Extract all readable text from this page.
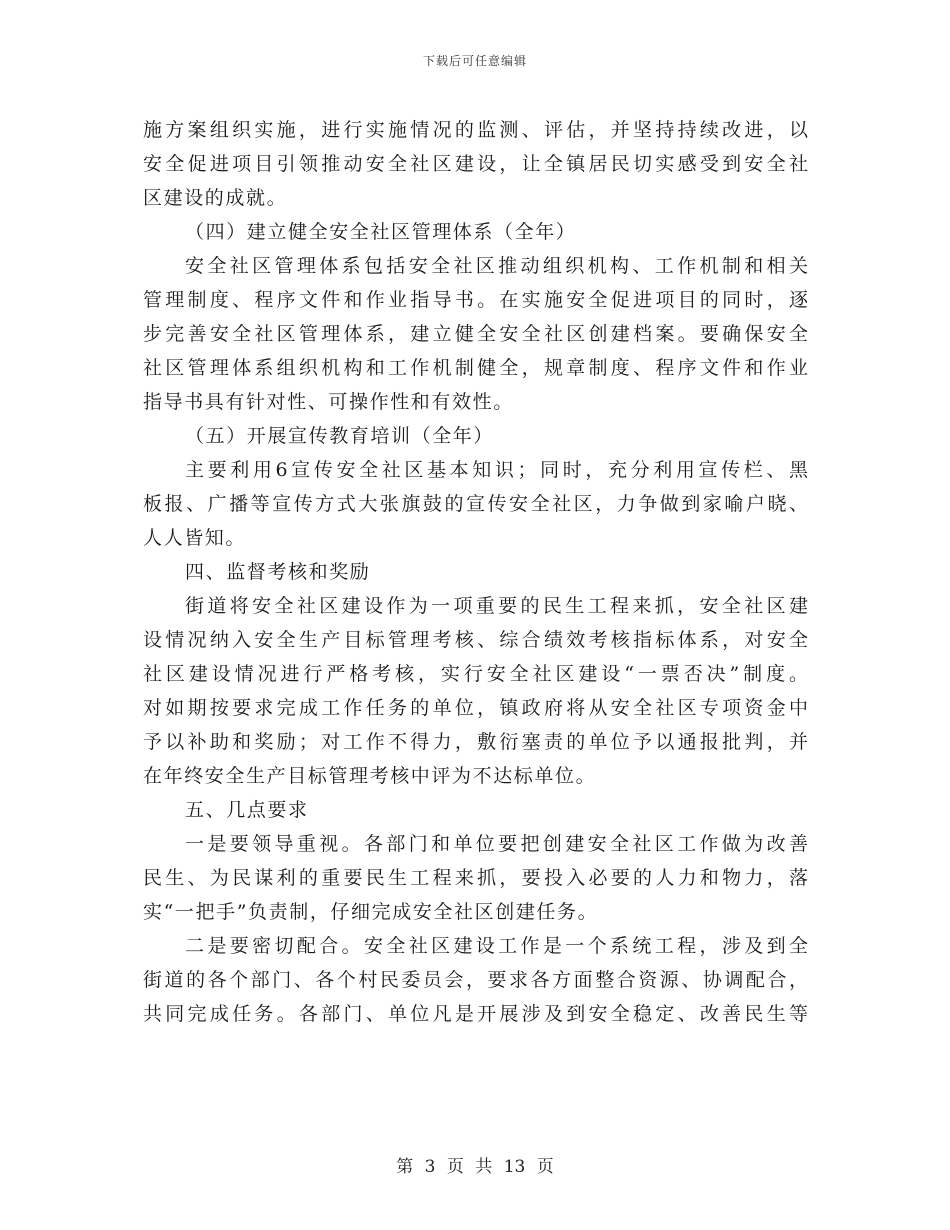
下载后可任意编辑
施方案组织实施，进行实施情况的监测、评估，并坚持持续改进，以
安全促进项目引领推动安全社区建设，让全镇居民切实感受到安全社
区建设的成就。
（四）建立健全安全社区管理体系（全年）
安全社区管理体系包括安全社区推动组织机构、工作机制和相关
管理制度、程序文件和作业指导书。在实施安全促进项目的同时，逐
步完善安全社区管理体系，建立健全安全社区创建档案。要确保安全
社区管理体系组织机构和工作机制健全，规章制度、程序文件和作业
指导书具有针对性、可操作性和有效性。
（五）开展宣传教育培训（全年）
主要利用6宣传安全社区基本知识；同时，充分利用宣传栏、黑
板报、广播等宣传方式大张旗鼓的宣传安全社区，力争做到家喻户晓、
人人皆知。
四、监督考核和奖励
街道将安全社区建设作为一项重要的民生工程来抓，安全社区建
设情况纳入安全生产目标管理考核、综合绩效考核指标体系，对安全
社区建设情况进行严格考核，实行安全社区建设“一票否决”制度。
对如期按要求完成工作任务的单位，镇政府将从安全社区专项资金中
予以补助和奖励；对工作不得力，敷衍塞责的单位予以通报批判，并
在年终安全生产目标管理考核中评为不达标单位。
五、几点要求
一是要领导重视。各部门和单位要把创建安全社区工作做为改善
民生、为民谋利的重要民生工程来抓，要投入必要的人力和物力，落
实“一把手”负责制，仔细完成安全社区创建任务。
二是要密切配合。安全社区建设工作是一个系统工程，涉及到全
街道的各个部门、各个村民委员会，要求各方面整合资源、协调配合，
共同完成任务。各部门、单位凡是开展涉及到安全稳定、改善民生等
第 3 页 共 13 页
